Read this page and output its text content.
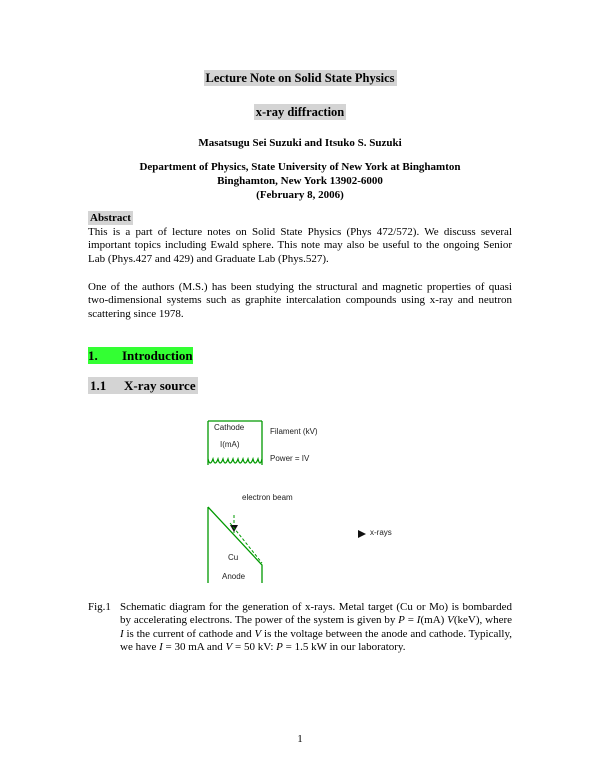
Lecture Note on Solid State Physics
x-ray diffraction
Masatsugu Sei Suzuki and Itsuko S. Suzuki
Department of Physics, State University of New York at Binghamton
Binghamton, New York 13902-6000
(February 8, 2006)
Abstract
This is a part of lecture notes on Solid State Physics (Phys 472/572). We discuss several important topics including Ewald sphere. This note may also be useful to the ongoing Senior Lab (Phys.427 and 429) and Graduate Lab (Phys.527).
One of the authors (M.S.) has been studying the structural and magnetic properties of quasi two-dimensional systems such as graphite intercalation compounds using x-ray and neutron scattering since 1978.
1. Introduction
1.1 X-ray source
Cathode
I(mA)
Filament (kV)
Power = IV
electron beam
x-rays
Cu
Anode
Fig.1 Schematic diagram for the generation of x-rays. Metal target (Cu or Mo) is bombarded by accelerating electrons. The power of the system is given by P = I(mA) V(keV), where I is the current of cathode and V is the voltage between the anode and cathode. Typically, we have I = 30 mA and V = 50 kV: P = 1.5 kW in our laboratory.
1
